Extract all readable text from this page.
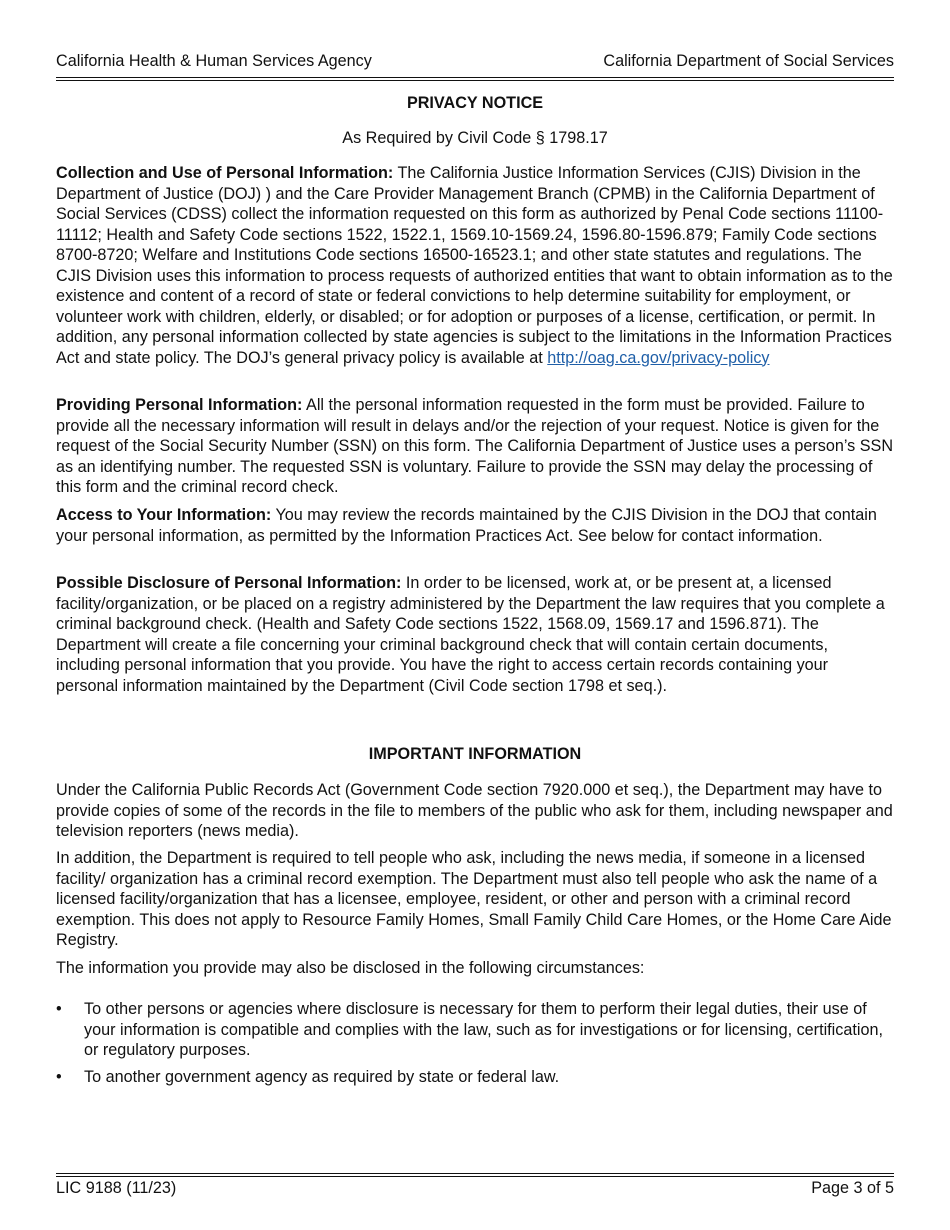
California Health & Human Services Agency	California Department of Social Services
PRIVACY NOTICE
As Required by Civil Code § 1798.17
Collection and Use of Personal Information: The California Justice Information Services (CJIS) Division in the Department of Justice (DOJ) ) and the Care Provider Management Branch (CPMB) in the California Department of Social Services (CDSS) collect the information requested on this form as authorized by Penal Code sections 11100-11112; Health and Safety Code sections 1522, 1522.1, 1569.10-1569.24, 1596.80-1596.879; Family Code sections 8700-8720; Welfare and Institutions Code sections 16500-16523.1; and other state statutes and regulations. The CJIS Division uses this information to process requests of authorized entities that want to obtain information as to the existence and content of a record of state or federal convictions to help determine suitability for employment, or volunteer work with children, elderly, or disabled; or for adoption or purposes of a license, certification, or permit. In addition, any personal information collected by state agencies is subject to the limitations in the Information Practices Act and state policy. The DOJ’s general privacy policy is available at http://oag.ca.gov/privacy-policy
Providing Personal Information: All the personal information requested in the form must be provided. Failure to provide all the necessary information will result in delays and/or the rejection of your request. Notice is given for the request of the Social Security Number (SSN) on this form. The California Department of Justice uses a person’s SSN as an identifying number. The requested SSN is voluntary. Failure to provide the SSN may delay the processing of this form and the criminal record check.
Access to Your Information: You may review the records maintained by the CJIS Division in the DOJ that contain your personal information, as permitted by the Information Practices Act. See below for contact information.
Possible Disclosure of Personal Information: In order to be licensed, work at, or be present at, a licensed facility/organization, or be placed on a registry administered by the Department the law requires that you complete a criminal background check. (Health and Safety Code sections 1522, 1568.09, 1569.17 and 1596.871). The Department will create a file concerning your criminal background check that will contain certain documents, including personal information that you provide. You have the right to access certain records containing your personal information maintained by the Department (Civil Code section 1798 et seq.).
IMPORTANT INFORMATION
Under the California Public Records Act (Government Code section 7920.000 et seq.), the Department may have to provide copies of some of the records in the file to members of the public who ask for them, including newspaper and television reporters (news media).
In addition, the Department is required to tell people who ask, including the news media, if someone in a licensed facility/ organization has a criminal record exemption. The Department must also tell people who ask the name of a licensed facility/organization that has a licensee, employee, resident, or other and person with a criminal record exemption. This does not apply to Resource Family Homes, Small Family Child Care Homes, or the Home Care Aide Registry.
The information you provide may also be disclosed in the following circumstances:
• To other persons or agencies where disclosure is necessary for them to perform their legal duties, their use of your information is compatible and complies with the law, such as for investigations or for licensing, certification, or regulatory purposes.
• To another government agency as required by state or federal law.
LIC 9188 (11/23)	Page 3 of 5
